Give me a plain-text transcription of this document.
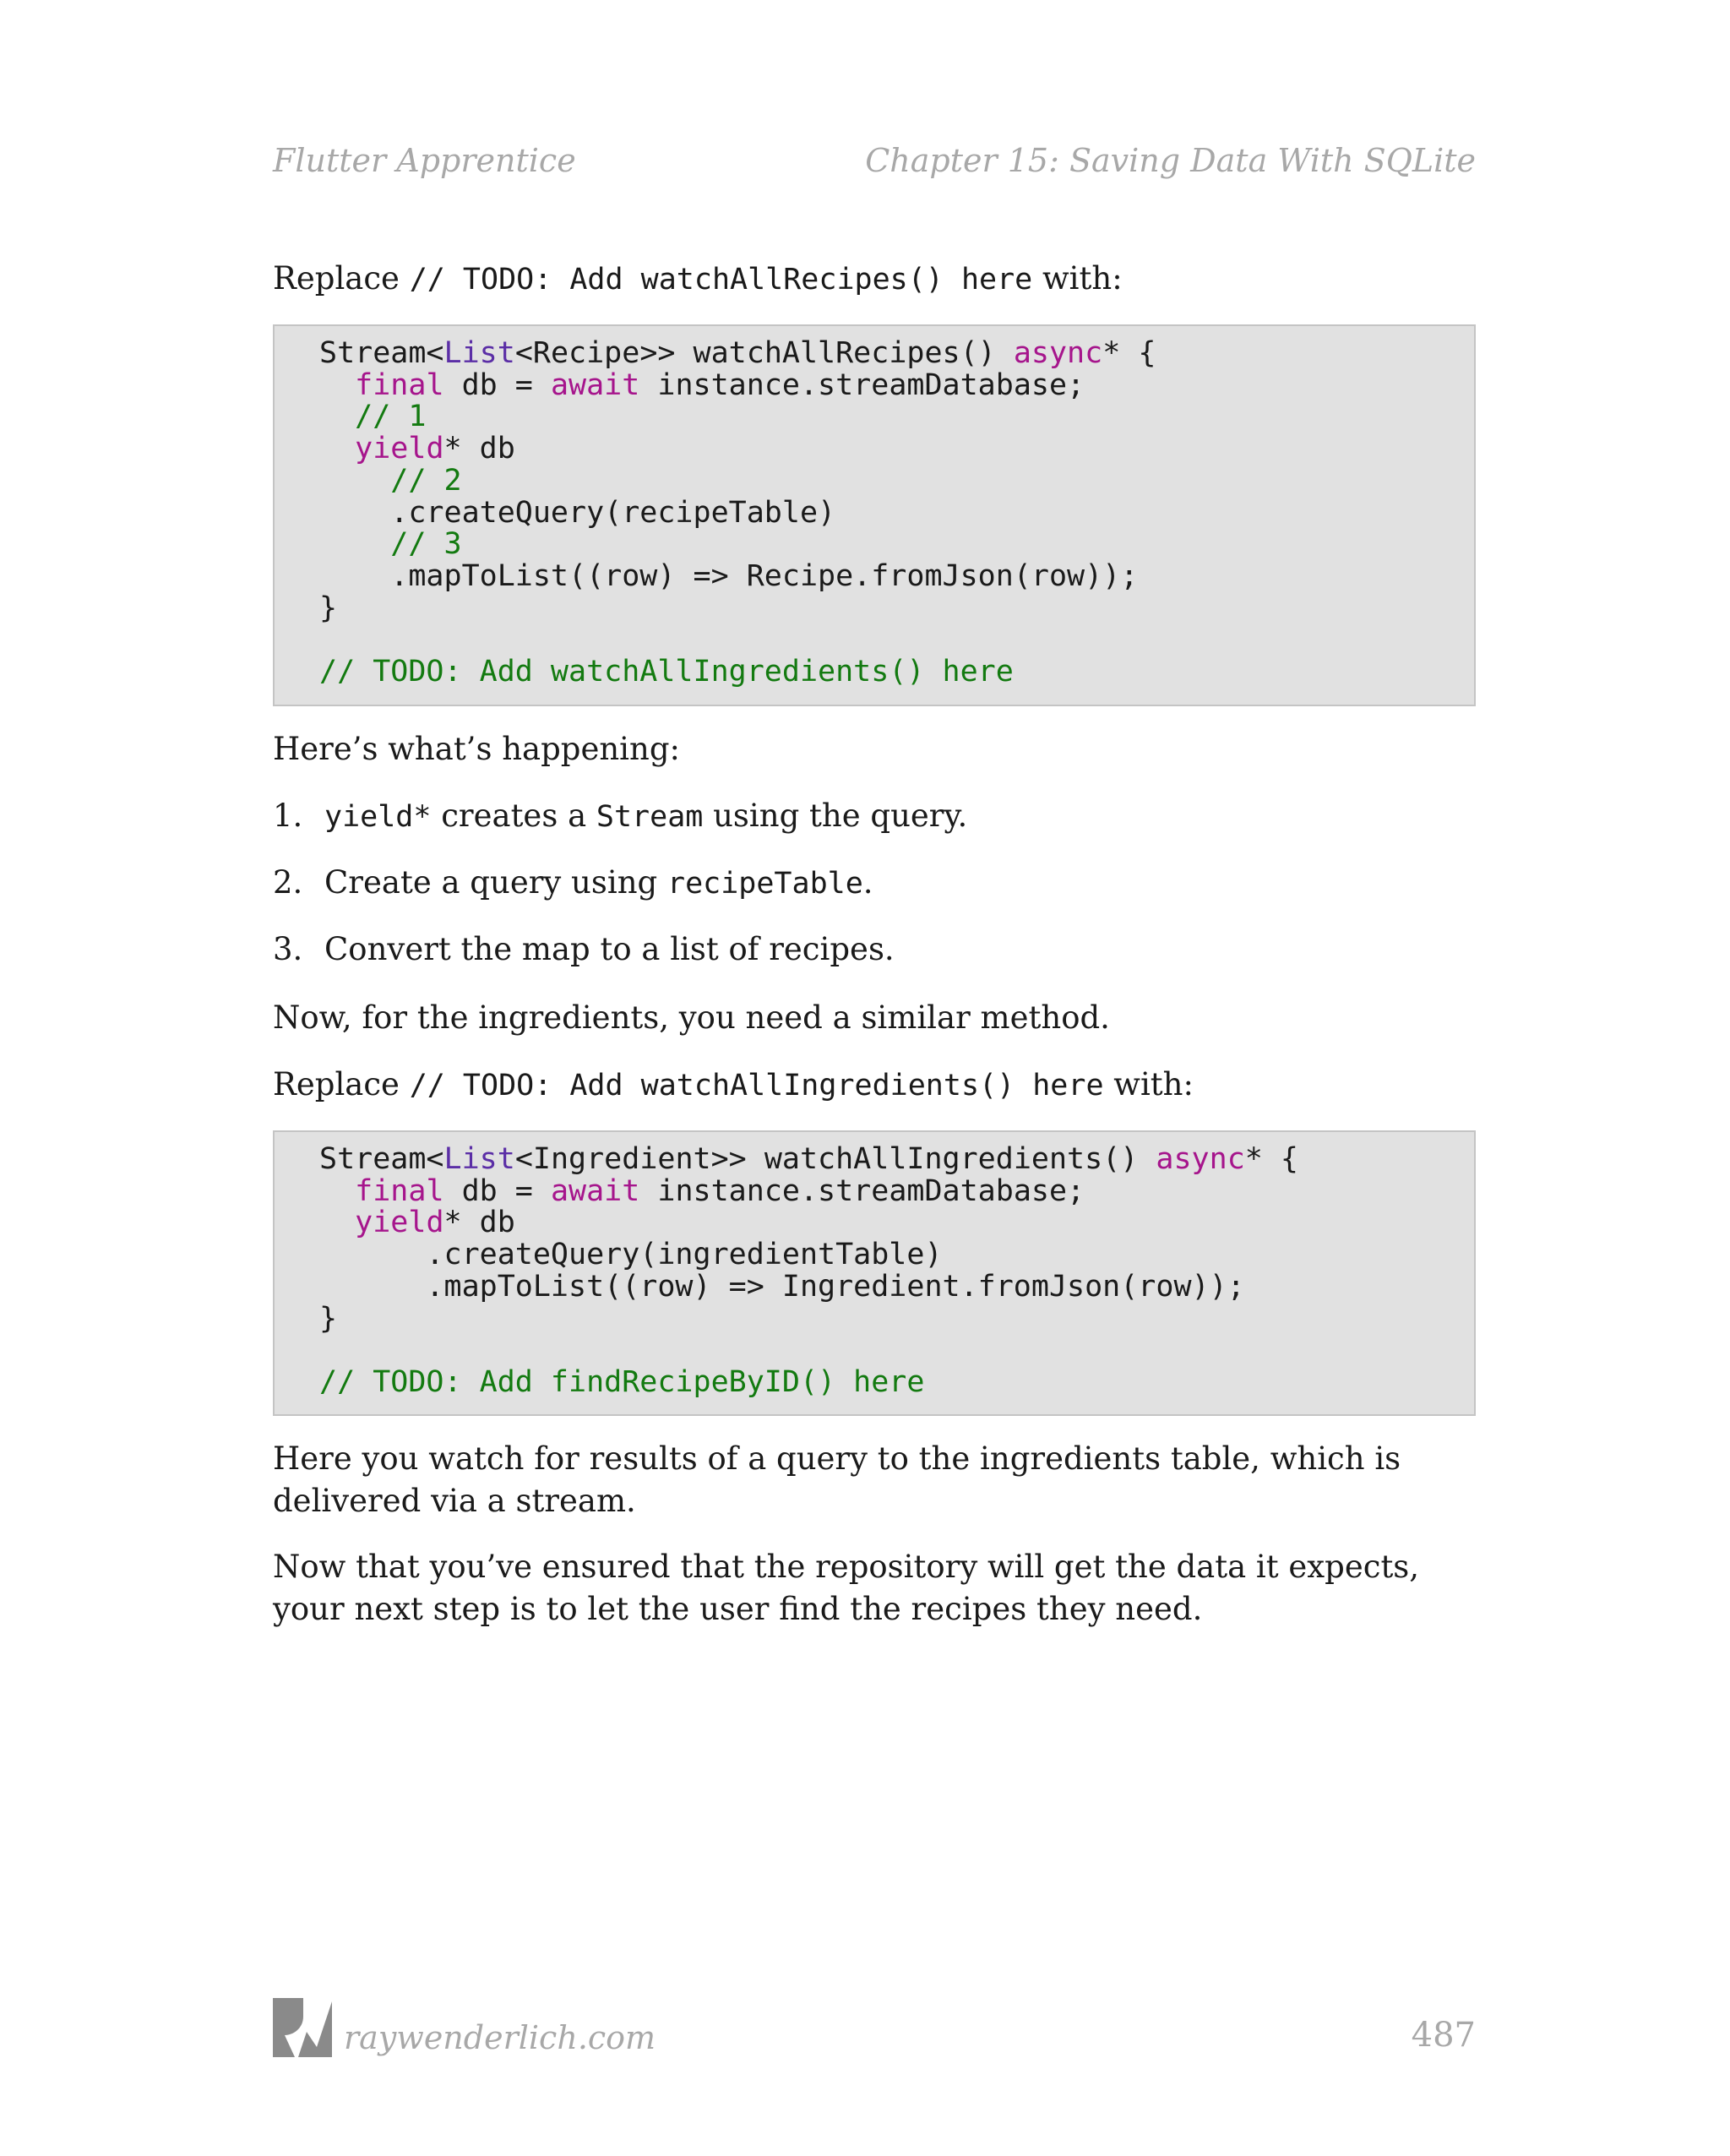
Flutter Apprentice	Chapter 15: Saving Data With SQLite

Replace // TODO: Add watchAllRecipes() here with:

Stream<List<Recipe>> watchAllRecipes() async* {
final db = await instance.streamDatabase;
// 1
yield* db
// 2
.createQuery(recipeTable)
// 3
.mapToList((row) => Recipe.fromJson(row));
}

// TODO: Add watchAllIngredients() here

Here’s what’s happening:

1. yield* creates a Stream using the query.
2. Create a query using recipeTable.
3. Convert the map to a list of recipes.

Now, for the ingredients, you need a similar method.

Replace // TODO: Add watchAllIngredients() here with:

Stream<List<Ingredient>> watchAllIngredients() async* {
final db = await instance.streamDatabase;
yield* db
.createQuery(ingredientTable)
.mapToList((row) => Ingredient.fromJson(row));
}

// TODO: Add findRecipeByID() here

Here you watch for results of a query to the ingredients table, which is delivered via a stream.

Now that you’ve ensured that the repository will get the data it expects, your next step is to let the user find the recipes they need.

raywenderlich.com	487
